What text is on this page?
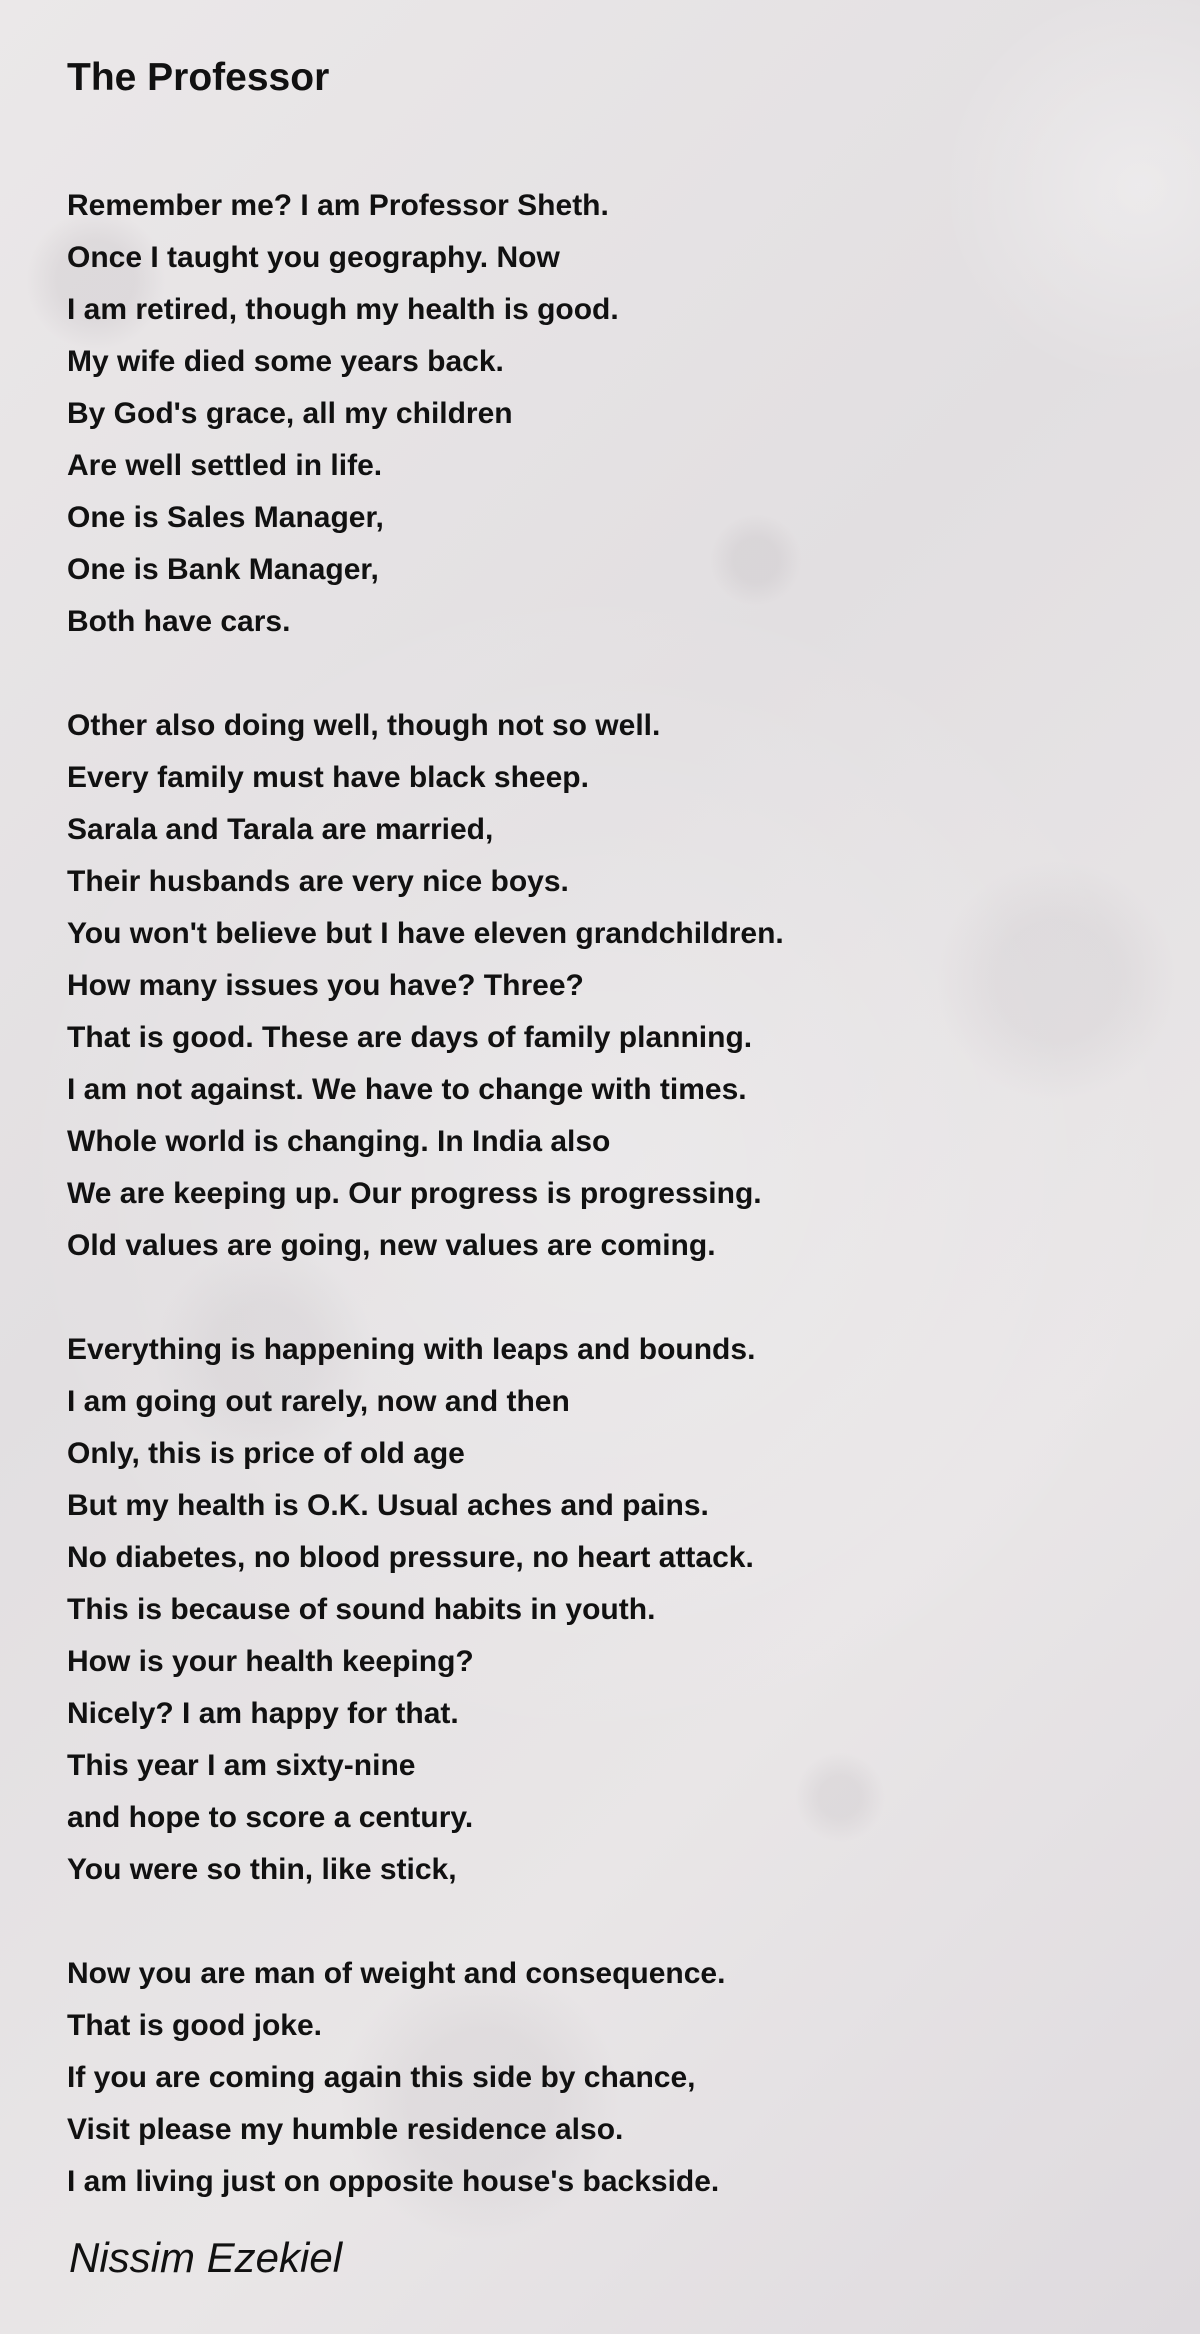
The Professor
Remember me? I am Professor Sheth.
Once I taught you geography. Now
I am retired, though my health is good.
My wife died some years back.
By God's grace, all my children
Are well settled in life.
One is Sales Manager,
One is Bank Manager,
Both have cars.
Other also doing well, though not so well.
Every family must have black sheep.
Sarala and Tarala are married,
Their husbands are very nice boys.
You won't believe but I have eleven grandchildren.
How many issues you have? Three?
That is good. These are days of family planning.
I am not against. We have to change with times.
Whole world is changing. In India also
We are keeping up. Our progress is progressing.
Old values are going, new values are coming.
Everything is happening with leaps and bounds.
I am going out rarely, now and then
Only, this is price of old age
But my health is O.K. Usual aches and pains.
No diabetes, no blood pressure, no heart attack.
This is because of sound habits in youth.
How is your health keeping?
Nicely? I am happy for that.
This year I am sixty-nine
and hope to score a century.
You were so thin, like stick,
Now you are man of weight and consequence.
That is good joke.
If you are coming again this side by chance,
Visit please my humble residence also.
I am living just on opposite house's backside.

Nissim Ezekiel
